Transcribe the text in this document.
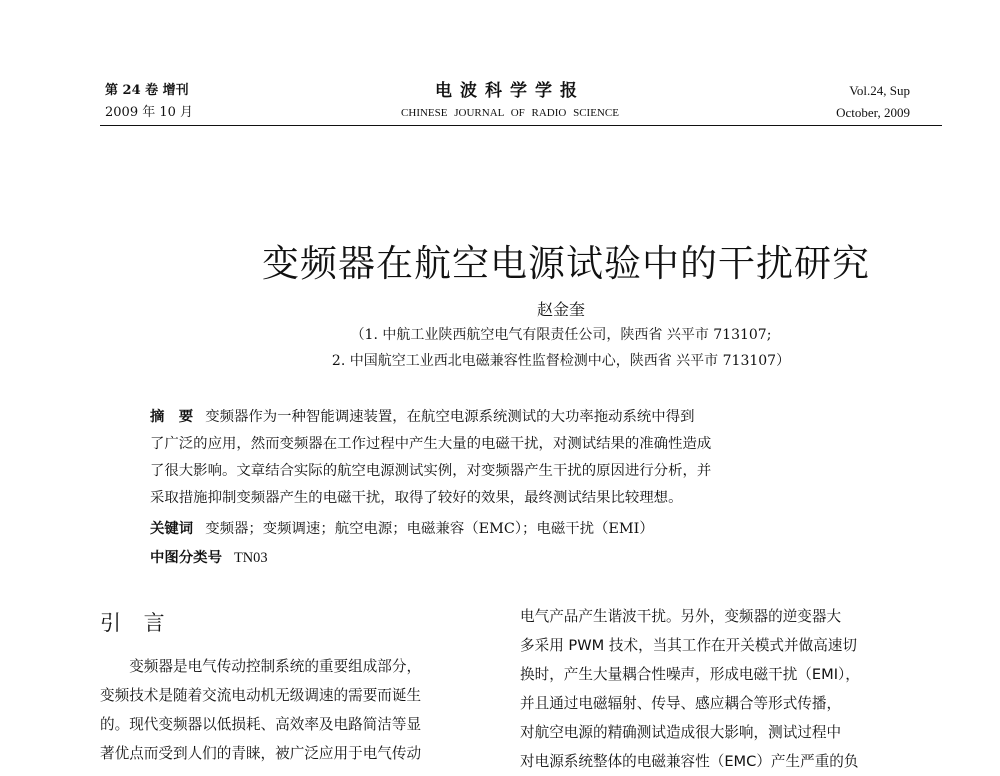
第 24 卷 增刊
2009 年 10 月
电波科学学报
CHINESE JOURNAL OF RADIO SCIENCE
Vol.24, Sup
October, 2009
变频器在航空电源试验中的干扰研究
赵金奎
（1. 中航工业陕西航空电气有限责任公司，陕西省 兴平市 713107;
2. 中国航空工业西北电磁兼容性监督检测中心，陕西省 兴平市 713107）

摘　要 变频器作为一种智能调速装置，在航空电源系统测试的大功率拖动系统中得到

了广泛的应用，然而变频器在工作过程中产生大量的电磁干扰，对测试结果的准确性造成

了很大影响。文章结合实际的航空电源测试实例，对变频器产生干扰的原因进行分析，并

采取措施抑制变频器产生的电磁干扰，取得了较好的效果，最终测试结果比较理想。

关键词 变频器；变频调速；航空电源；电磁兼容（EMC）；电磁干扰（EMI）
中图分类号 TN03
引 言

变频器是电气传动控制系统的重要组成部分，
变频技术是随着交流电动机无级调速的需要而诞生
的。现代变频器以低损耗、高效率及电路简洁等显
著优点而受到人们的青睐，被广泛应用于电气传动

电气产品产生谐波干扰。另外，变频器的逆变器大
多采用 PWM 技术，当其工作在开关模式并做高速切
换时，产生大量耦合性噪声，形成电磁干扰（EMI），
并且通过电磁辐射、传导、感应耦合等形式传播，
对航空电源的精确测试造成很大影响，测试过程中
对电源系统整体的电磁兼容性（EMC）产生严重的负
